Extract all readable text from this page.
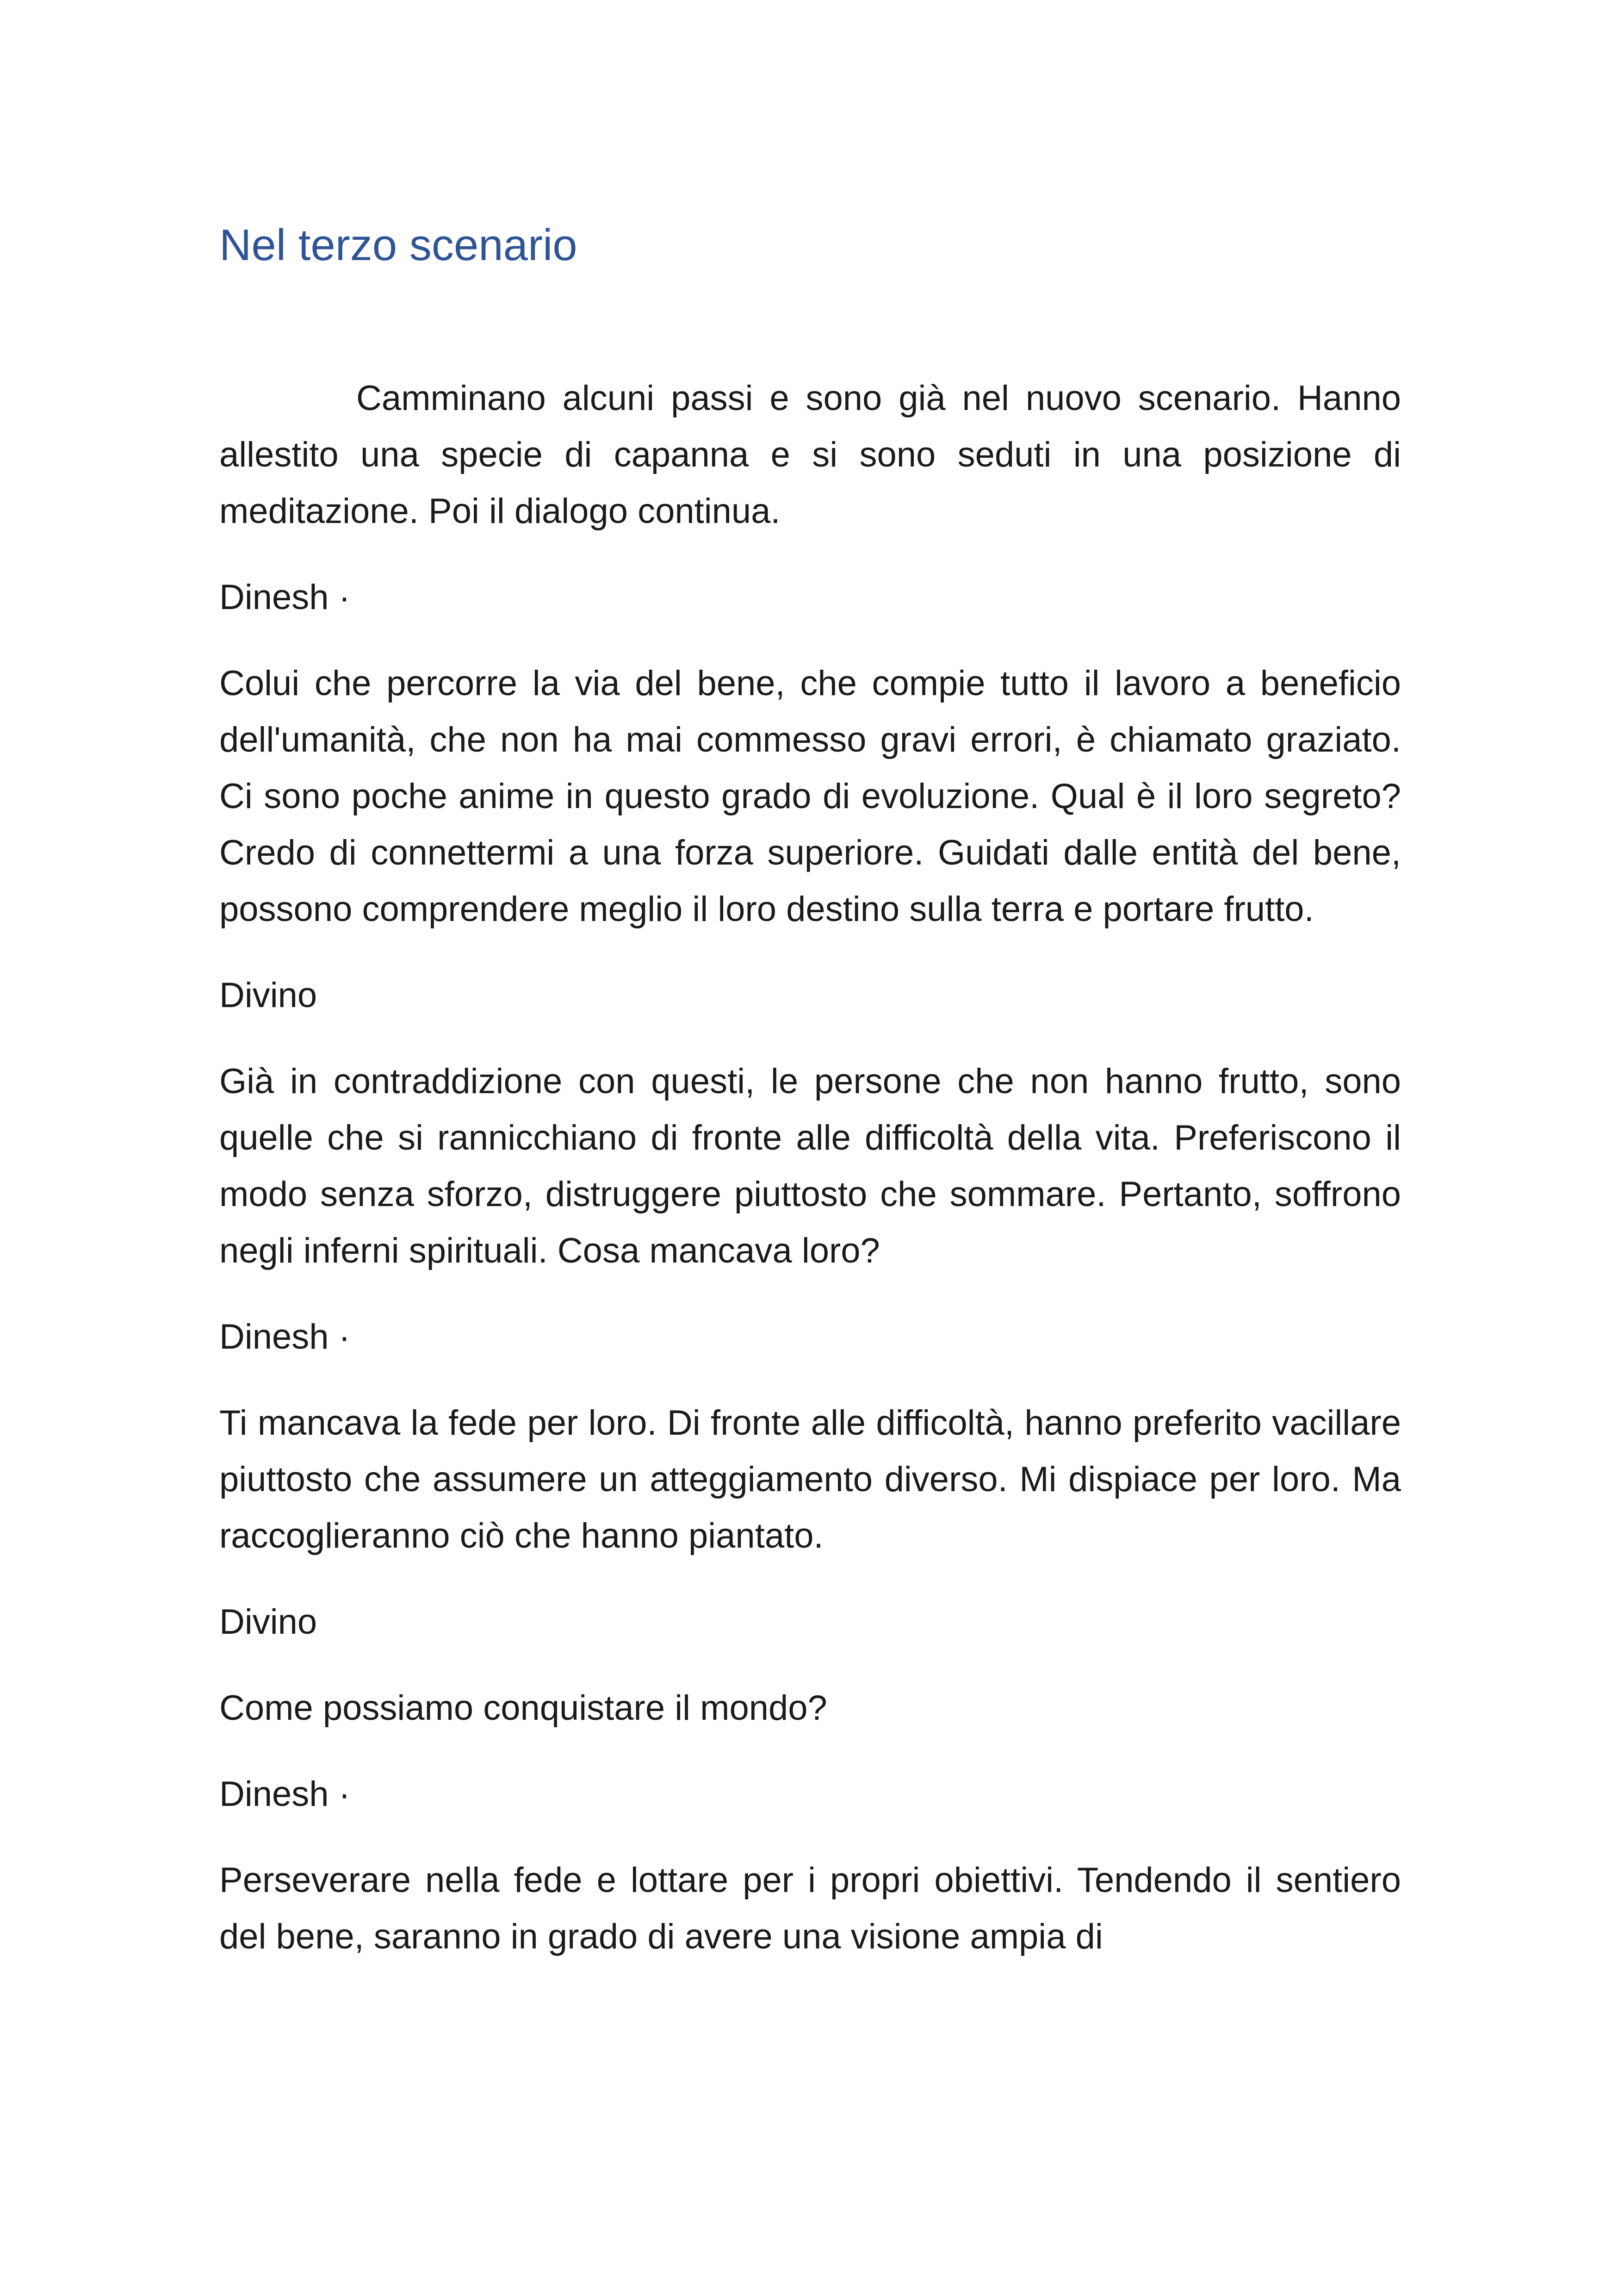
Nel terzo scenario

Camminano alcuni passi e sono già nel nuovo scenario. Hanno allestito una specie di capanna e si sono seduti in una posizione di meditazione. Poi il dialogo continua.

Dinesh ·

Colui che percorre la via del bene, che compie tutto il lavoro a beneficio dell'umanità, che non ha mai commesso gravi errori, è chiamato graziato. Ci sono poche anime in questo grado di evoluzione. Qual è il loro segreto? Credo di connettermi a una forza superiore. Guidati dalle entità del bene, possono comprendere meglio il loro destino sulla terra e portare frutto.

Divino

Già in contraddizione con questi, le persone che non hanno frutto, sono quelle che si rannicchiano di fronte alle difficoltà della vita. Preferiscono il modo senza sforzo, distruggere piuttosto che sommare. Pertanto, soffrono negli inferni spirituali. Cosa mancava loro?

Dinesh ·

Ti mancava la fede per loro. Di fronte alle difficoltà, hanno preferito vacillare piuttosto che assumere un atteggiamento diverso. Mi dispiace per loro. Ma raccoglieranno ciò che hanno piantato.

Divino

Come possiamo conquistare il mondo?

Dinesh ·

Perseverare nella fede e lottare per i propri obiettivi. Tendendo il sentiero del bene, saranno in grado di avere una visione ampia di
